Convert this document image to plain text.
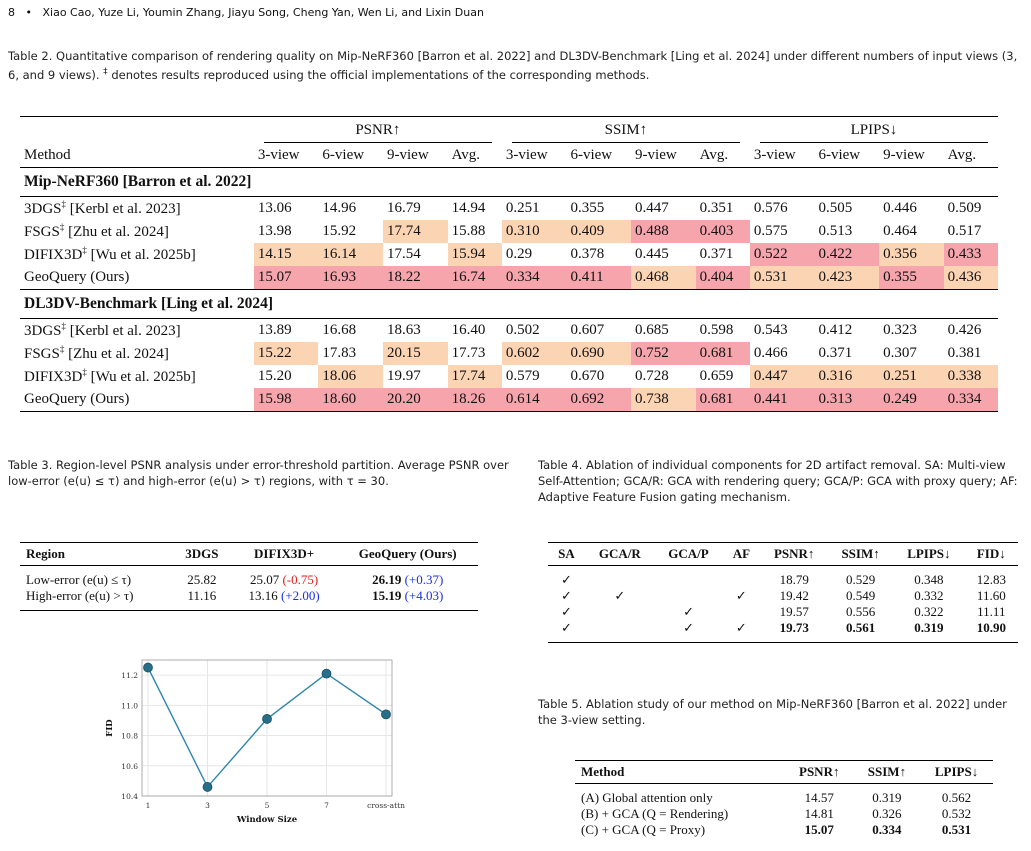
8 • Xiao Cao, Yuze Li, Youmin Zhang, Jiayu Song, Cheng Yan, Wen Li, and Lixin Duan
Table 2. Quantitative comparison of rendering quality on Mip-NeRF360 [Barron et al. 2022] and DL3DV-Benchmark [Ling et al. 2024] under different numbers of input views (3, 6, and 9 views). ‡ denotes results reproduced using the official implementations of the corresponding methods.

	PSNR↑				SSIM↑				LPIPS↓			

Method	3-view	6-view	9-view	Avg.	3-view	6-view	9-view	Avg.	3-view	6-view	9-view	Avg.
Mip-NeRF360 [Barron et al. 2022]												
3DGS‡ [Kerbl et al. 2023]	13.06	14.96	16.79	14.94	0.251	0.355	0.447	0.351	0.576	0.505	0.446	0.509
FSGS‡ [Zhu et al. 2024]	13.98	15.92	17.74	15.88	0.310	0.409	0.488	0.403	0.575	0.513	0.464	0.517
DIFIX3D‡ [Wu et al. 2025b]	14.15	16.14	17.54	15.94	0.29	0.378	0.445	0.371	0.522	0.422	0.356	0.433
GeoQuery (Ours)	15.07	16.93	18.22	16.74	0.334	0.411	0.468	0.404	0.531	0.423	0.355	0.436
DL3DV-Benchmark [Ling et al. 2024]												
3DGS‡ [Kerbl et al. 2023]	13.89	16.68	18.63	16.40	0.502	0.607	0.685	0.598	0.543	0.412	0.323	0.426
FSGS‡ [Zhu et al. 2024]	15.22	17.83	20.15	17.73	0.602	0.690	0.752	0.681	0.466	0.371	0.307	0.381
DIFIX3D‡ [Wu et al. 2025b]	15.20	18.06	19.97	17.74	0.579	0.670	0.728	0.659	0.447	0.316	0.251	0.338
GeoQuery (Ours)	15.98	18.60	20.20	18.26	0.614	0.692	0.738	0.681	0.441	0.313	0.249	0.334
Table 3. Region-level PSNR analysis under error-threshold partition. Average PSNR over low-error (e(u) ≤ τ) and high-error (e(u) > τ) regions, with τ = 30.
Region	3DGS	DIFIX3D+	GeoQuery (Ours)
Low-error (e(u) ≤ τ)	25.82	25.07 (-0.75)	26.19 (+0.37)
High-error (e(u) > τ)	11.16	13.16 (+2.00)	15.19 (+4.03)
10.4
10.6
10.8
11.0
11.2
1	3	5	7	cross-attn
Window Size
FID
Table 4. Ablation of individual components for 2D artifact removal. SA: Multi-view Self-Attention; GCA/R: GCA with rendering query; GCA/P: GCA with proxy query; AF: Adaptive Feature Fusion gating mechanism.
SA	GCA/R	GCA/P	AF	PSNR↑	SSIM↑	LPIPS↓	FID↓
✓				18.79	0.529	0.348	12.83
✓	✓		✓	19.42	0.549	0.332	11.60
✓		✓		19.57	0.556	0.322	11.11
✓		✓	✓	19.73	0.561	0.319	10.90
Table 5. Ablation study of our method on Mip-NeRF360 [Barron et al. 2022] under the 3-view setting.
Method	PSNR↑	SSIM↑	LPIPS↓
(A) Global attention only	14.57	0.319	0.562
(B) + GCA (Q = Rendering)	14.81	0.326	0.532
(C) + GCA (Q = Proxy)	15.07	0.334	0.531
